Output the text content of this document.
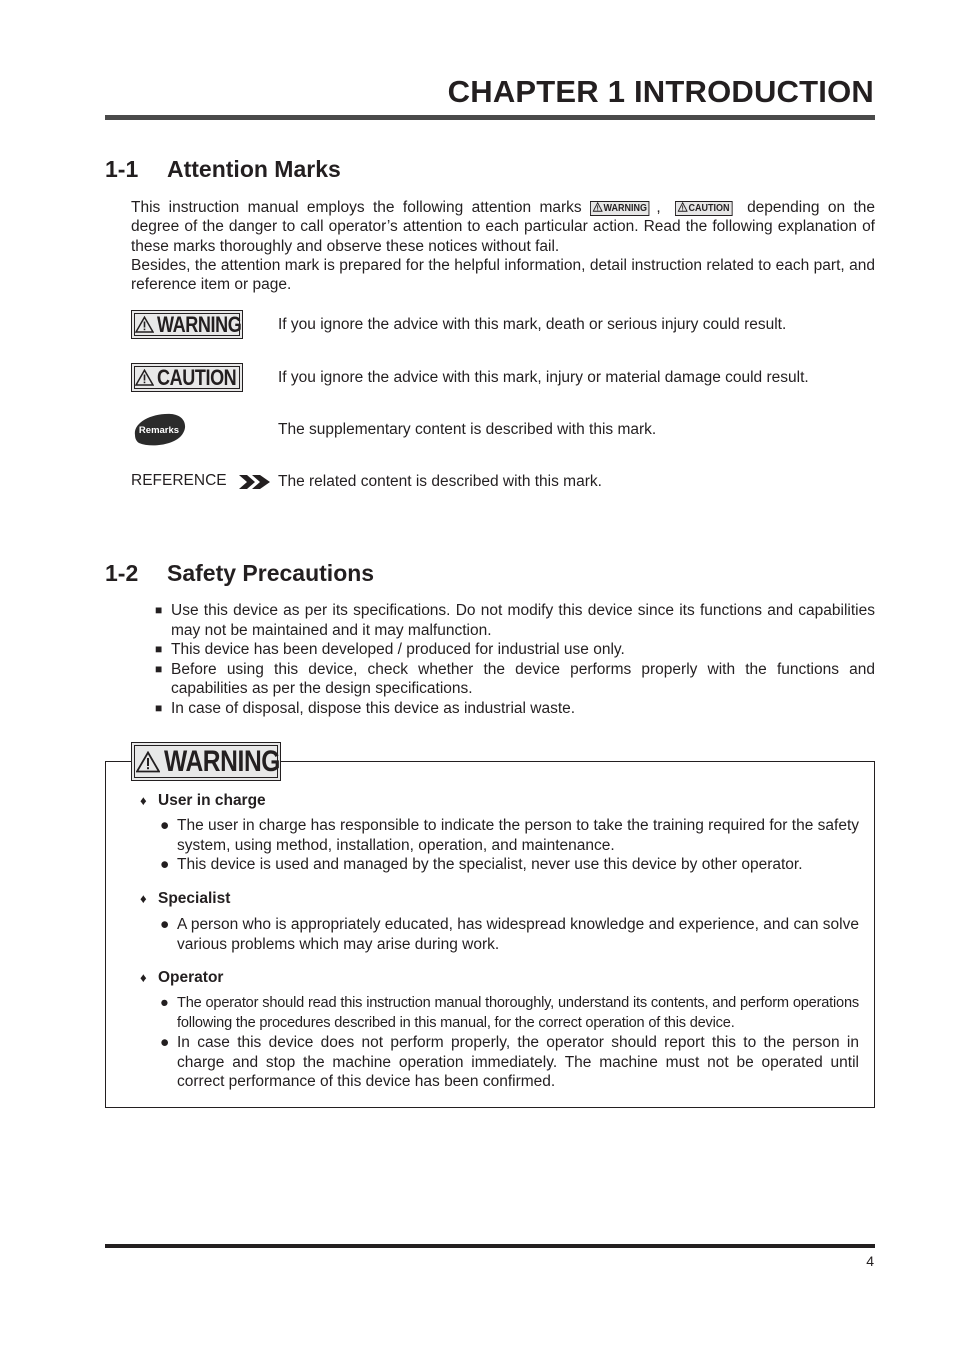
CHAPTER 1 INTRODUCTION
1-1 Attention Marks

This instruction manual employs the following attention marks WARNING ,	CAUTION depending on the degree of the danger to call operator’s attention to each particular action. Read the following explanation of these marks thoroughly and observe these notices without fail.
Besides, the attention mark is prepared for the helpful information, detail instruction related to each part, and reference item or page.

WARNING If you ignore the advice with this mark, death or serious injury could result.
CAUTION	If you ignore the advice with this mark, injury or material damage could result.
Remarks	The supplementary content is described with this mark.
REFERENCE	The related content is described with this mark.
1-2 Safety Precautions
■ Use this device as per its specifications. Do not modify this device since its functions and capabilities may not be maintained and it may malfunction.
■ This device has been developed / produced for industrial use only.
■ Before using this device, check whether the device performs properly with the functions and capabilities as per the design specifications.
■ In case of disposal, dispose this device as industrial waste.
WARNING
♦ User in charge
● The user in charge has responsible to indicate the person to take the training required for the safety system, using method, installation, operation, and maintenance.
● This device is used and managed by the specialist, never use this device by other operator.
♦ Specialist
● A person who is appropriately educated, has widespread knowledge and experience, and can solve various problems which may arise during work.
♦ Operator
● The operator should read this instruction manual thoroughly, understand its contents, and perform operations following the procedures described in this manual, for the correct operation of this device.
● In case this device does not perform properly, the operator should report this to the person in charge and stop the machine operation immediately. The machine must not be operated until correct performance of this device has been confirmed.
4
